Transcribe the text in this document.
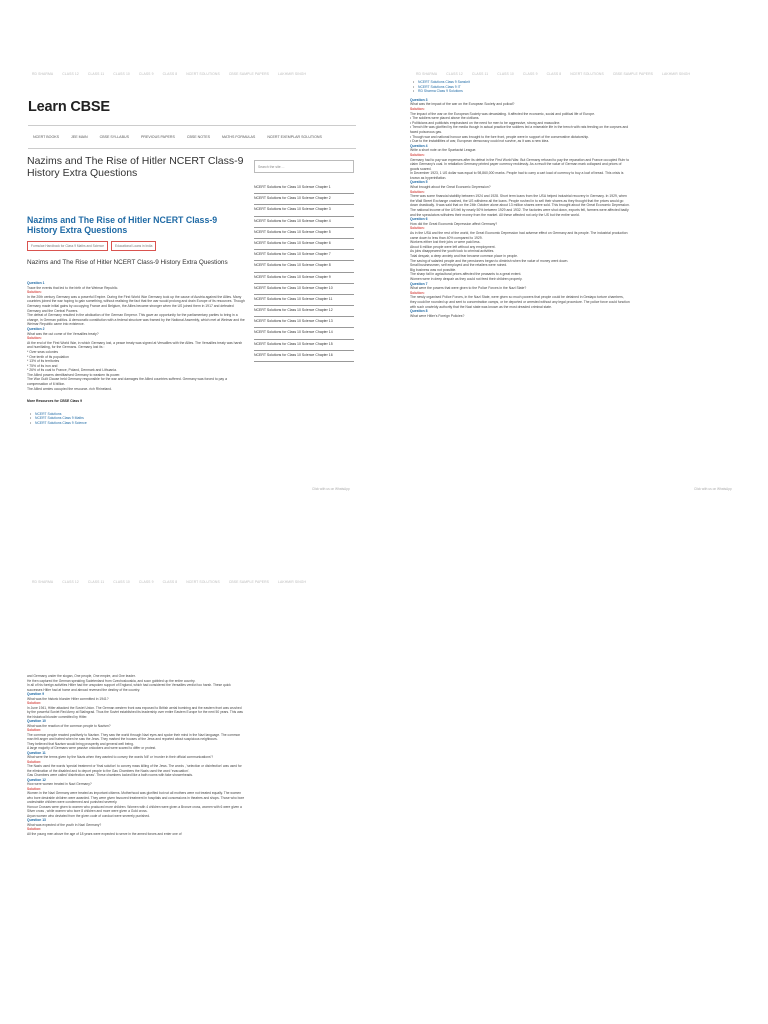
RD SHARMA	CLASS 12	CLASS 11	CLASS 10	CLASS 9	CLASS 8	NCERT SOLUTIONS	CBSE SAMPLE PAPERS	LAKHMIR SINGH
Learn CBSE
NCERT BOOKS	JEE MAIN	CBSE SYLLABUS	PREVIOUS PAPERS	CBSE NOTES	MATHS FORMULAS	NCERT EXEMPLAR SOLUTIONS
Nazims and The Rise of Hitler NCERT Class-9 History Extra Questions	Search the site ...
NCERT Solutions for Class 10 Science Chapter 1
NCERT Solutions for Class 10 Science Chapter 2
NCERT Solutions for Class 10 Science Chapter 3
NCERT Solutions for Class 10 Science Chapter 4
NCERT Solutions for Class 10 Science Chapter 5
NCERT Solutions for Class 10 Science Chapter 6
NCERT Solutions for Class 10 Science Chapter 7
NCERT Solutions for Class 10 Science Chapter 8
NCERT Solutions for Class 10 Science Chapter 9
NCERT Solutions for Class 10 Science Chapter 10
NCERT Solutions for Class 10 Science Chapter 11
NCERT Solutions for Class 10 Science Chapter 12
NCERT Solutions for Class 10 Science Chapter 13
NCERT Solutions for Class 10 Science Chapter 14
NCERT Solutions for Class 10 Science Chapter 15
NCERT Solutions for Class 10 Science Chapter 16
Nazims and The Rise of Hitler NCERT Class-9 History Extra Questions
Formulae Handbook for Class 9 Maths and Science	Educational Loans in India
Nazims and The Rise of Hitler NCERT Class-9 History Extra Questions
Question 1
Trace the events that led to the birth of the Weimar Republic.
Solution:
In the 20th century Germany was a powerful Empire. During the First World War Germany took up the cause of Austria against the Allies. Many countries joined the war hoping to gain something, without realising the fact that the war would prolong and drain Europe of its resources. Though Germany made initial gains by occupying France and Belgium, the Allies became stronger when the US joined them in 1917 and defeated Germany and the Central Powers.
The defeat of Germany resulted in the abdication of the German Emperor. This gave an opportunity for the parliamentary parties to bring in a change, in German politics. A democratic constitution with a federal structure was framed by the National Assembly, which met at Weimar and the Weimar Republic came into existence.
Question 2
What was the out come of the Versailles treaty?
Solution:
At the end of the First World War, in which Germany lost, a peace treaty was signed at Versailles with the Allies. The Versailles treaty was harsh and humiliating, for the Germans. Germany lost its :
* Over seas colonies
* One tenth of its population
* 13% of its territories
* 75% of its iron and
* 26% of its coal to France, Poland, Denmark and Lithuania.
The Allied powers demilitarised Germany to weaken its power.
The War Guilt Clause held Germany responsible for the war and damages the Allied countries suffered. Germany was forced to pay a compensation of 6 billion.
The Allied armies occupied the resource- rich Rhineland.
More Resources for CBSE Class 9
• NCERT Solutions
• NCERT Solutions Class 9 Maths
• NCERT Solutions Class 9 Science
Click with us on WhatsApp
RD SHARMA	CLASS 12	CLASS 11	CLASS 10	CLASS 9	CLASS 8	NCERT SOLUTIONS	CBSE SAMPLE PAPERS	LAKHMIR SINGH
• NCERT Solutions Class 9 Sanskrit
• NCERT Solutions Class 9 IT
• RD Sharma Class 9 Solutions
Question 3
What was the impact of the war on the European Society and polical?
Solution:
The impact of the war on the European Society was devastating. It affected the economic, social and political life of Europe.
• The soldiers were placed above the civilians.
• Politicians and publicists emphasised on the need for men to be aggressive, strong and masculine.
• Trench life was glorified by the media though in actual practice the soldiers led a miserable life in the trench with rats feeding on the corpses and faced poisonous gas.
• Though war and national honour was brought to the fore front, people were in support of the conservative dictatorship.
• Due to the instabilities of war, European democracy could not survive, as it was a new idea.
Question 4
Write a short note on the Spartacist League.
Solution:
Germany had to pay war expenses after its defeat in the First World War. But Germany refused to pay the reparation and France occupied Ruhr to claim Germany's coal. In retaliation Germany printed paper currency recklessly. As a result the value of German mark collapsed and prices of goods soared.
In December 1923, 1 US dollar was equal to 98,860,000 marks. People had to carry a cart load of currency to buy a loaf of bread. This crisis is known as hyperinflation.
Question 5
What brought about the Great Economic Depression?
Solution:
There was some financial stability between 1924 and 1928. Short term loans from the USA helped industrial recovery in Germany. In 1929, when the Wall Street Exchange crashed, the US withdrew all the loans. People rushed in to sell their shares as they thought that the prices would go down drastically. It was said that on the 24th October alone about 13 million shares were sold. This brought about the Great Economic Depression.
The national income of the US fell by nearly 50% between 1929 and 1932. The factories were shut down, exports fell, farmers were affected badly and the speculators withdrew their money from the market. All these affected not only the US but the entire world.
Question 6
How did the Great Economic Depression affect Germany?
Solution:
As in the USA and the rest of the world, the Great Economic Depression had adverse effect on Germany and its people. The industrial production came down to less than 40% compared to 1929.
Workers either lost their jobs or were paid less.
About 6 million people were left without any employment.
As jobs disappeared the youth took to criminal activities.
Total despair, a deep anxiety and fear became common place in people.
The saving of salaried people and the pensioners began to diminish when the value of money went down.
Small businessmen, self employed and the retailers were ruined.
Big business was not possible.
The sharp fall in agricultural prices affected the peasants to a great extent.
Women were in deep despair as they could not feed their children properly.
Question 7
What were the powers that were given to the Police Forces in the Nazi State?
Solution:
The newly organised Police Forces, in the Nazi State, were given so much powers that people could be detained in Gestapo torture chambers, they could be rounded up and sent to concentration camps, or be deported or arrested without any legal procedure. The police force could function with such unwieldy authority that the Nazi state was known as the most dreaded criminal state.
Question 8
What were Hitler's Foreign Policies?
Click with us on WhatsApp
RD SHARMA	CLASS 12	CLASS 11	CLASS 10	CLASS 9	CLASS 8	NCERT SOLUTIONS	CBSE SAMPLE PAPERS	LAKHMIR SINGH
and Germany under the slogan, One people, One empire, and One leader.
He then captured the German speaking Sudetenland from Czechoslovakia, and soon gobbled up the entire country.
In all of his foreign activities Hitler had the unspoken support of England, which had considered the Versailles verdict too harsh. These quick successes Hitler had at home and abroad reversed the destiny of the country.
Question 9
What was the historic blunder Hitler committed in 1941?
Solution:
In June 1941, Hitler attacked the Soviet Union. The German western front was exposed to British aerial bombing and the eastern front was crushed by the powerful Soviet Red Army at Stalingrad. Thus the Soviet established its leadership over entire Eastern Europe for the next 50 years. This was the historical blunder committed by Hitler.
Question 10
What was the reaction of the common people to Nazism?
Solution:
The common people reacted positively to Nazism. They saw the world through Nazi eyes and spoke their mind in the Nazi language. The common man felt anger and hatred when he saw the Jews. They marked the houses of the Jews and reported about suspicious neighbours.
They believed that Nazism would bring prosperity and general well being.
A large majority of Germans were passive onlookers and were scared to differ or protest.
Question 11
What were the terms given by the Nazis when they wanted to convey the words 'kill' or 'murder in their official communications'?
Solution:
The Nazis used the words 'special treatment or 'final solution' to convey mass killing of the Jews. The words , 'selection or disinfection' was used for the elimination of the disabled and to deport people to the Gas Chambers the Nazis used the word 'evacuation'.
Gas Chambers were called 'disinfection areas'. These chambers looked like a bath rooms with fake showerheads.
Question 12
How were women treated in Nazi Germany?
Solution:
Women in the Nazi Germany were treated as important citizens. Motherhood was glorified but not all mothers were not treated equally. The women who bore desirable children were awarded. They were given favoured treatment in hospitals and concessions in theatres and shops. Those who bore undesirable children were condemned and punished severely.
Honour Crosses were given to women who produced more children. Women with 4 children were given a Bronze cross, women with 6 were given a Silver cross , while women who bore 8 children and more were given a Gold cross.
Aryan women who deviated from the given code of conduct were severely punished.
Question 13
What was expected of the youth in Nazi Germany?
Solution:
All the young men above the age of 18 years were expected to serve in the armed forces and enter one of
